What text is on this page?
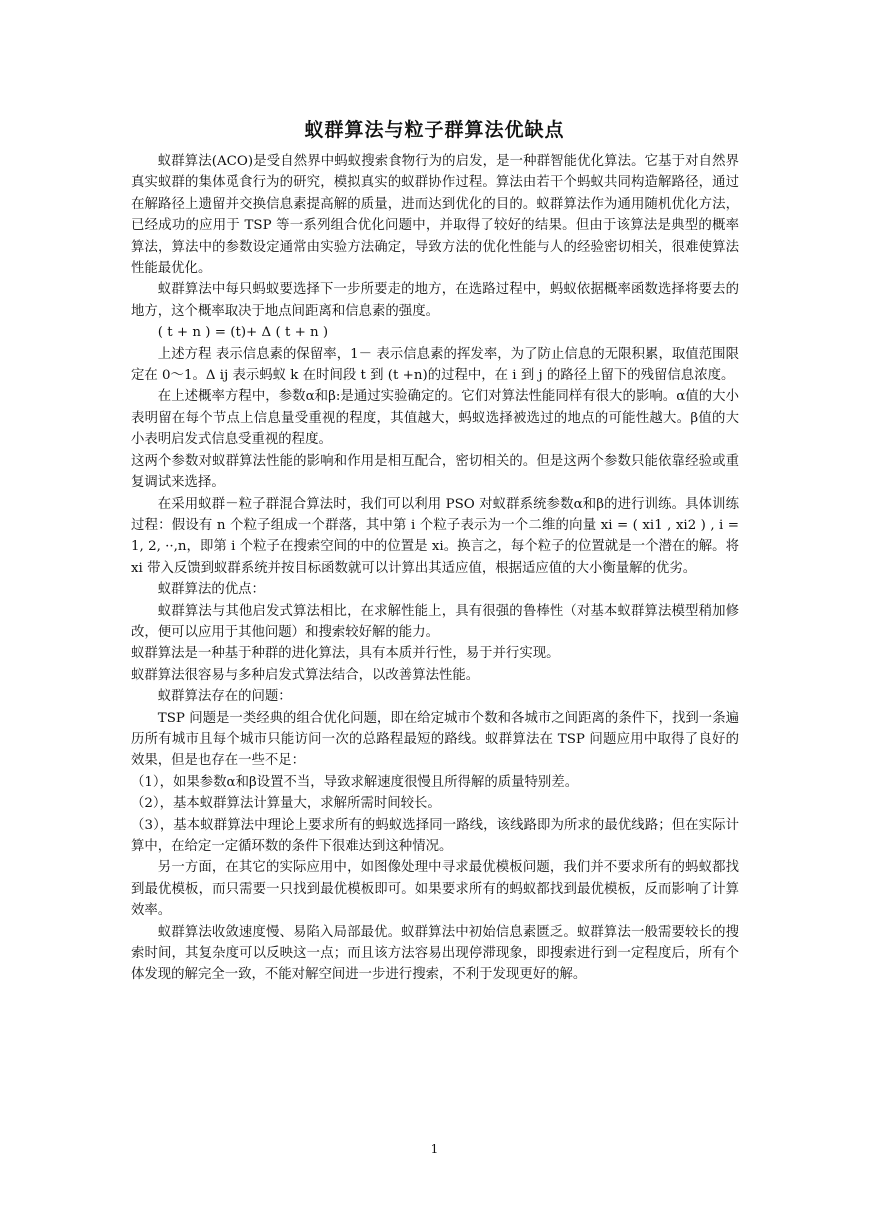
蚁群算法与粒子群算法优缺点

蚁群算法(ACO)是受自然界中蚂蚁搜索食物行为的启发，是一种群智能优化算法。它基于对自然界真实蚁群的集体觅食行为的研究，模拟真实的蚁群协作过程。算法由若干个蚂蚁共同构造解路径，通过在解路径上遗留并交换信息素提高解的质量，进而达到优化的目的。蚁群算法作为通用随机优化方法，已经成功的应用于 TSP 等一系列组合优化问题中，并取得了较好的结果。但由于该算法是典型的概率算法，算法中的参数设定通常由实验方法确定，导致方法的优化性能与人的经验密切相关，很难使算法性能最优化。

蚁群算法中每只蚂蚁要选择下一步所要走的地方，在选路过程中，蚂蚁依据概率函数选择将要去的地方，这个概率取决于地点间距离和信息素的强度。

( t + n ) = (t)+ Δ ( t + n )

上述方程 表示信息素的保留率，1－ 表示信息素的挥发率，为了防止信息的无限积累，取值范围限定在 0～1。Δ ij 表示蚂蚁 k 在时间段 t 到 (t +n)的过程中，在 i 到 j 的路径上留下的残留信息浓度。

在上述概率方程中，参数α和β:是通过实验确定的。它们对算法性能同样有很大的影响。α值的大小表明留在每个节点上信息量受重视的程度，其值越大，蚂蚁选择被选过的地点的可能性越大。β值的大小表明启发式信息受重视的程度。

这两个参数对蚁群算法性能的影响和作用是相互配合，密切相关的。但是这两个参数只能依靠经验或重复调试来选择。

在采用蚁群－粒子群混合算法时，我们可以利用 PSO 对蚁群系统参数α和β的进行训练。具体训练过程：假设有 n 个粒子组成一个群落，其中第 i 个粒子表示为一个二维的向量 xi = ( xi1 , xi2 ) , i = 1, 2, ··,n，即第 i 个粒子在搜索空间的中的位置是 xi。换言之，每个粒子的位置就是一个潜在的解。将 xi 带入反馈到蚁群系统并按目标函数就可以计算出其适应值，根据适应值的大小衡量解的优劣。

蚁群算法的优点：

蚁群算法与其他启发式算法相比，在求解性能上，具有很强的鲁棒性（对基本蚁群算法模型稍加修改，便可以应用于其他问题）和搜索较好解的能力。

蚁群算法是一种基于种群的进化算法，具有本质并行性，易于并行实现。

蚁群算法很容易与多种启发式算法结合，以改善算法性能。

蚁群算法存在的问题：

TSP 问题是一类经典的组合优化问题，即在给定城市个数和各城市之间距离的条件下，找到一条遍历所有城市且每个城市只能访问一次的总路程最短的路线。蚁群算法在 TSP 问题应用中取得了良好的效果，但是也存在一些不足：

（1），如果参数α和β设置不当，导致求解速度很慢且所得解的质量特别差。

（2），基本蚁群算法计算量大，求解所需时间较长。

（3），基本蚁群算法中理论上要求所有的蚂蚁选择同一路线，该线路即为所求的最优线路；但在实际计算中，在给定一定循环数的条件下很难达到这种情况。

另一方面，在其它的实际应用中，如图像处理中寻求最优模板问题，我们并不要求所有的蚂蚁都找到最优模板，而只需要一只找到最优模板即可。如果要求所有的蚂蚁都找到最优模板，反而影响了计算效率。

蚁群算法收敛速度慢、易陷入局部最优。蚁群算法中初始信息素匮乏。蚁群算法一般需要较长的搜索时间，其复杂度可以反映这一点；而且该方法容易出现停滞现象，即搜索进行到一定程度后，所有个体发现的解完全一致，不能对解空间进一步进行搜索，不利于发现更好的解。

1
